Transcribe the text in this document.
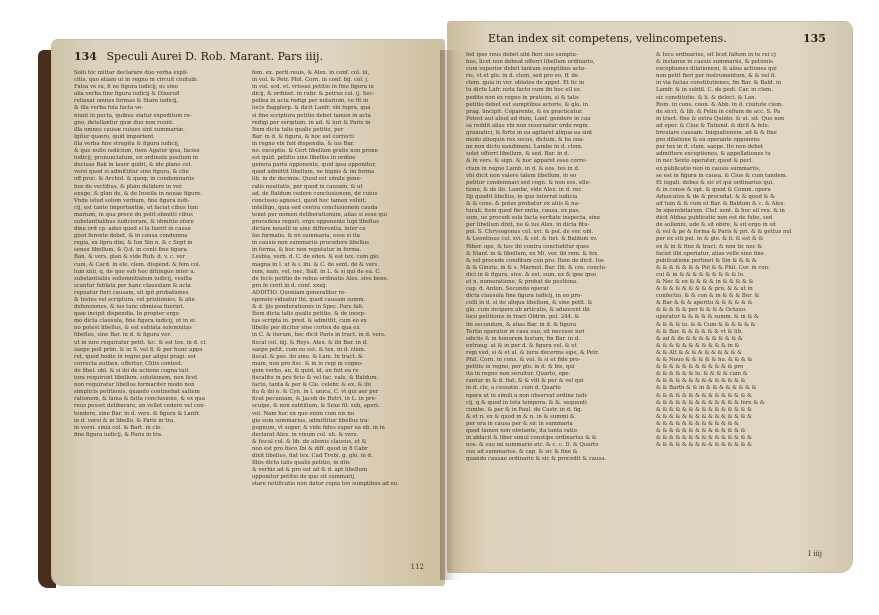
134 Speculi Aurei D. Rob. Marant. Pars iiij.
Solû hic mittar declarare duo verba expli-
citis, quo etiam ut in regno m circuit ciuitaib.
Falsa ve ra, fi ne figura iudicij, es sino
alia verba fine figura iudicij & Dixeruð
reliaxat omnes formas & Stare iudicij,
& illa verba fola facta ve-
niunt in pecta, quibus statur expeditum re-
gno, detellantur quæ duo non ruunt.
illa omnes causæ cuiues sint summariæ.
Igitur quæro, quid importent
illa verba fine strepitu & figura iudicij,
& que nullo iudicium, item Agatur ipsa, facies
iudicij, pronunciatum, en ordinate positum in
decisae Bak in lauer quibt, & ide plano col.
versi quod si admittitur sine figura, & clie
off proc. & Archid. & quoq; in condemnariis
bus de vectibus, & plain delidere in ver.
exuge, & glan de, & de Inseila in nouae figure.
Vnde istud solum verbum, fine figura iudi-
cij, est tante importantiæ, ut faciat cibus fum
marium, in qua proce du polit obmitti cibus
substantialibus iudiciorum, & obmitto ofore
dine ord cp. adeo quod si la fuerit in cause
gissi ferente debet, & in causa condemna
regia, ex lipra dixi, & Ion Sin n. & c.Sept in
sensu libellum, & Q.d. in conti fine figura.
Ban. & vers. glan & vide Rub. d. v. c. ver
cum, & Card. in ele. clem. dispend. & fem col.
lum xiiii, q. de quo sub hoc ditiingue inter a.
substantialiis sollemnitiatem iudicij, vesilla
scantur fublata per hanc clausulam & acta
repuatur fieri causam, sit ipit probationes
& testes vel scriptura, vel pristionies, & alie
defensiones, & ius tunc obmissa fuerint.
quæ incipit dispendia. In propter ergo
mo dicta clausula, fine figura iudicij, ut in ei.
no potest libellus, & est sublata solemnitas
libellus, sine Bar. in d. & figura ver.
ut in iure requiratur petit. &c. & est tex. in d. cl.
saepe poll prim. & in S. vel 8, & per hunc appa
ret, quod hodie in regno per aliqui pragi. est
correcta authen. offertur, Clitis contest.
de libel. obl. & si ibi de actione cogna tuit
iura requirunt libellum. solutionem, non licet
non requiratur libellus formariter modo non
simplicis petitionis, quando continebat saltem
rationem, & lama & fatta conclusione, & ex qua
reus posset deliberare, an vellet cedere vel con-
tendere, sine Bar. in d. vers. & figura & Lanfr.
in d. versi & in libello, & Paris in tra.
in versi. sinia col. & Bart. in cle.
fine figura iudicij, & Paris in tra.
fem. ex. perti.reuis, & Alex. in conf. col. iii,
in vol. & Petr. Phil. Corn. in conf. bij. col. j.
in vol. scd. et. vrissas petitio in fine figura iu
dicij, & ordinet. in rubr. & petrus col. ij. Sec-
pollea in acta redigi per notarium, ve fit in
locis flagglerp. & dicit Lanfr. vbi fupra, qua
si fine scriptura petitio debet tamen in acta
redigi per seriptum, in ad. & iuri & Paris in
Item dicta talis qualis petitio, per
Bar. in d. & figura, & hoc est correcti
in regno vbi fuit dispendia, & ius Bar.
no. exceptio. & Cert libellum gratis non prone
est quid. petitio sine libellos in ordine
genera parte opponente, quid ipsa opponitur,
quod admittit libellum, ne bignis & im forma
lib, in de decimie. Quod est simile gene-
ralis nouitatis, per quod in causam, & ut
ad. de Baldum cedere conclusionem, de cuius
conclusio agnosci, quod hoc tamen voluit.
intelligo, quia sed centra conclusionem cauda
tenet per nomen deliberationum, alias si esse qui
procedens regari, ergo opponente lupi libellus
dictam nouelli in sine differentia, inter ca
fas formalis. & nô summaria, esse si ita
in causis non summariis procedere libellus
in forma. & hoc non reputatur in forma.
Lesbia, verb. d. C. de eden. & est tex. cum glo.
magna in l. ut & i. ibi. & C. de sent. de & vers.
rem, nam, vel, nec, Balf. in L. & si qui de ea. C.
de fecis petitio de rebus ordinatis Alex. sive bene.
pro fe cerit in d. conf. xxxij.
ADDITIO. Quoniam generaliter re-
sponsio videatur ibi, quod causam summ.
& d. ijis ponderationes in Spec. Pars fali.
Item dicta talis qualis petitio, & de incep-
tus scripta in. pred. & admittit, cum eo ex
libello per dicitur sine cortex de qua ex
in C. & iterum, hoc dicit Paris in tract. in d. vers.
fiscal col. iiij. & Roys. Alex. & ibi Bar. in d.
saepe petit, cum eo est. & tex. in d. clem.
fiscal. & pos. ibi sine. & Lam. In tract. &
mum, non pro fisc. & in lo regi in cogno-
gem verbo, an, & quid, id, an fuit ea re
fiscalitu in pro ficio & vel fac. vale, & Baldum.
facto, tanta & per & Cle. celebr. & ex. & ibi
fiu & ibi n. & Cyn. in l. unica, C. vt qui aer per
ficat pecuniam, & Jacob de Butri, in L. in pre-
sculpe, & non subtilium, & Sexe fil. sub, aperi.
vol. Nam hoc ex quo enim cum eis no
gio sum summarius, admittitur libellus ira-
pugnum, vt super, & vide fides super ea eb. in in
declarat Alex. in vinum col. xli. & vers.
& fiscal col. & lib. de alienis clausus, et &
non est pro fisco Ibi & diff. quod in 8 Cabr
dixit libellus, fiat tex. Cad Trebi. g. glo. in d.
Ilbis dicta talis qualis petitio, in diis
& verbis ad & pro est ad & d. apt libellum
opponitur petitio de quo sit summarij
stare notificatio non datur copia teo sumptibus ad eo.
112
Etan index sit competens, velincompetens.	135
fed ipse reus debet sibi fieri suo sumptu-
bus, licet non debeat offerri libellum ordinario,
cum superior debet tantum sumptibus acto-
ris, vt et glo. in d. clem, sed pro eo, ff. de
clem. quia in ver. oblatos de appel. Et fic in
tu dicto Lafr. nota facto cum ibi hoc ell ex
pedito non ex regno in pratium, si & talis
petitio debet est sumptibus actoris, & glo. in
prag. lincipit. Coparente, & ex practicatur.
Potest aut aliud ad dum, Lanf. gendere in cau
sa reddit alias vbi non reseruatur ordo regm.
gramatici, & forte in ea agitaret aliqua ea sint
modo alioquin rex secus, dictum, & ha sua-
ne non dictu eandimeni. Lambe in d. clem.
solet offerri libellum, & sed. Bar. in d.
& in vers. & sign. & hoc apparet esse corre-
ctum in regno Lamb. in d. & eos. tes in d.
vbi dicit non valere talem libellum, in eo
petitur condemnari sed cogn. & non ess. elle-
tione, & de ibi. Lambe, vide Alex. in d. rec.
Ilp quodit libellus, in quo interrat iudicia
& & cons. & potes probatur ex aliis & na-
turali, item quod fier entia, causa, ex pas,
sum, ue procedi sola facta veritate inspecta, sine
per libellum dixit, ne & ius Alex. in dicta fitu-
pol. S. Chrysogonus col. xvi. & pol. de ver. obl.
& Leontinus col. xvi. & col. & tiet. & Baldum xv.
Riber. ope, & hoc ibi contra concluditur ques
& Stanf. in & libellum, ex Mi. ver. ibi rem. & fex.
& vel procede conditum con pro. Item de dicit. Ios
& & Ginstu. in & s. Marmol. Bar. Ilb. & cos. conclu-
dici in & figura, sive. & est. sum. ex & ipse ipso
et n. numeratione, & probat de pestiona.
cap. d. Anton. Secundo operat
dicta clausula fine figura iudicij, in eo pro-
colli in d. si ite aliqua libellum, & sine petit. &
glo. cum incipere ab articulis, & aduocent ibi
loco petitionis in tract Oldrin. pol. 244. &
ibi secundum, & alias Bar. in d. & figura
Tertio operatur in casu suo, sit necesse iuri
sdiciis & in honorem lustum, fm Bar. in d.
extraug. at & in per d. & figura vel. & et
regi ved, si & et al. & iuris decerms sipe, & Petr.
Phil. Corn. in cons. & vol. & si et fide pro-
petitio in regno, per glo. in d. & bis, qui
ita in regno non seruitur. Quarto, ope-
rantur in & d. fiat, & & viti & per & vel qui
in d. cle, a cessatio. cum d. Quarto
opera ut in simili a non observat ordine iudi-
cij, q & quod in tota tempora. & &. sequenti
cumbe. & per & in Paul. de Castr. in d. fig.
& et n. ex & quod in & n. in & summi &
per ora in causa per & sic in summaria
quod tamen non obstante, ita tanta ratio
in ablacit & liber simul constipe ordinarius & &
nos. & suo mi summario etc. & c. c. D. & Quarto
sue ad summarios. & cap. & sic & fine &
quando causae ordinarie & sic & procedit & causa.
& Iecs ordinarius, sit licet faltem in te rei cj
& instanus in causis summariis, & petionis
exceptiones dilationeni, & alios actiones qui
non petit fieri per instrumentum, & & vel fi.
in via facias constitutiones, fm Bar. & Bald. in
Lamfr. & in subtil. C. de pedi. Car. in clem.
sic constitutio. & li. & delect. & Lan.
Rom. in cons. coon. & Abb. in d. ciuitute clem.
de sicci. & lib. & Felin in cellum de acc. S. Pa
in tract. fine & extra Quinto. & ut. sit. Quo non
ad oper. & Ciue & Tatiend. & dicit & fele.
breuiare causam. Iniquationem. ad & & fine
pro dilatione & ea operante opponens
per tex in d. clem. saepe. Ite non debet
admittere exceptiones, & appellationes tu
in nec Sexto operatur, quod & pecl.
ex publicatio non in causis summariis,
se est in figura in causa. & Ciue & cum tandem.
Et iugali. debes & sic et qui ordinarius qui.
& in conse & opt. & quod & Comm. opera
Aduocatos & de & procedat. & & quod & &
ad tum & & cum et Bar. & Baldum & c. & Alex.
In siperebitarum. Clef. sent. & hoc eil rex. & in
dicit Abbas publicatio non est de fube, sed
de sollenni, ude & sit obire, & sit ergo in sit
& vel & pe & forma & Paris & pri. & & gettus nul
per ex siti pul. in & glo. & li. & est & &
ex & in & fine & tract. & non tic nec &
faciet ilbi operiatur, alias velle sine fine
publicatione pertinet & Sin & & & &
& & & & & & & Pol & & Phil. Cor. in con.
cui & in & & & & & & & & & lo.
& Nec & ex & & & & in & & & & &
& & & & & & & & & pro. & & ut in
confectio, & & con & in & & & Ber. &
& Bar & & & aperitu & & & & & &
& & & & & per & & & & Octauo.
operatur & & & & & summ. & in & &
& & & & iu. & & Cum & & & & & &
& & Bar. & & & & & & vt & lib.
& ad & de & & & & & & & & &
& & & & & & & & & & & in &
& & Alt & & & & & & & & & &
& & Nouo & & & & & ho. & & & &
& & & & & & & & & & & & pro
& & & & & & lo. & & & & cum &
& & & & & & & & & & & & & &
& & Barth & & in & & & & & & & &
& & & & & & & & & & & & & & &
& & & & & & & & & & & & & fere & &
& & & & & & & & & & & & & & &
& & & & & & & & & & & & & & &
& & & & & & & & & & & & &
& & & & & & & & & & & & & &
& & & & & & & & & & & & & & &
& & & & & & & & & & & & & & &
I iiij
